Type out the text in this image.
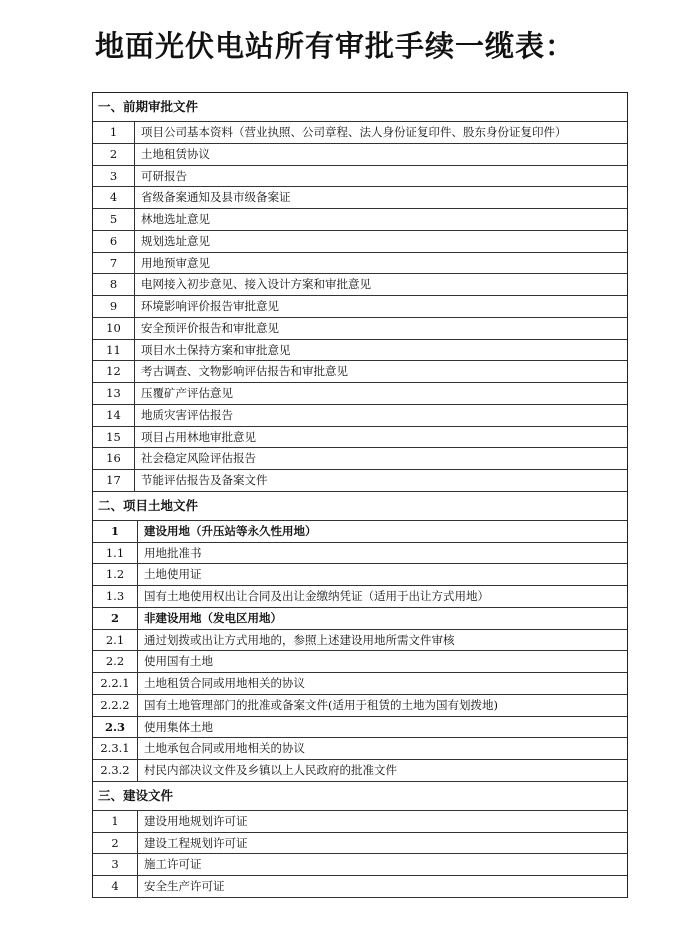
地面光伏电站所有审批手续一缆表：
一、前期审批文件
1	项目公司基本资料（营业执照、公司章程、法人身份证复印件、股东身份证复印件）
2	土地租赁协议
3	可研报告
4	省级备案通知及县市级备案证
5	林地选址意见
6	规划选址意见
7	用地预审意见
8	电网接入初步意见、接入设计方案和审批意见
9	环境影响评价报告审批意见
10	安全预评价报告和审批意见
11	项目水土保持方案和审批意见
12	考古调查、文物影响评估报告和审批意见
13	压覆矿产评估意见
14	地质灾害评估报告
15	项目占用林地审批意见
16	社会稳定风险评估报告
17	节能评估报告及备案文件
二、项目土地文件
1	建设用地（升压站等永久性用地）
1.1	用地批准书
1.2	土地使用证
1.3	国有土地使用权出让合同及出让金缴纳凭证（适用于出让方式用地）
2	非建设用地（发电区用地）
2.1	通过划拨或出让方式用地的，参照上述建设用地所需文件审核
2.2	使用国有土地
2.2.1	土地租赁合同或用地相关的协议
2.2.2	国有土地管理部门的批准或备案文件(适用于租赁的土地为国有划拨地)
2.3	使用集体土地
2.3.1	土地承包合同或用地相关的协议
2.3.2	村民内部决议文件及乡镇以上人民政府的批准文件
三、建设文件
1	建设用地规划许可证
2	建设工程规划许可证
3	施工许可证
4	安全生产许可证
